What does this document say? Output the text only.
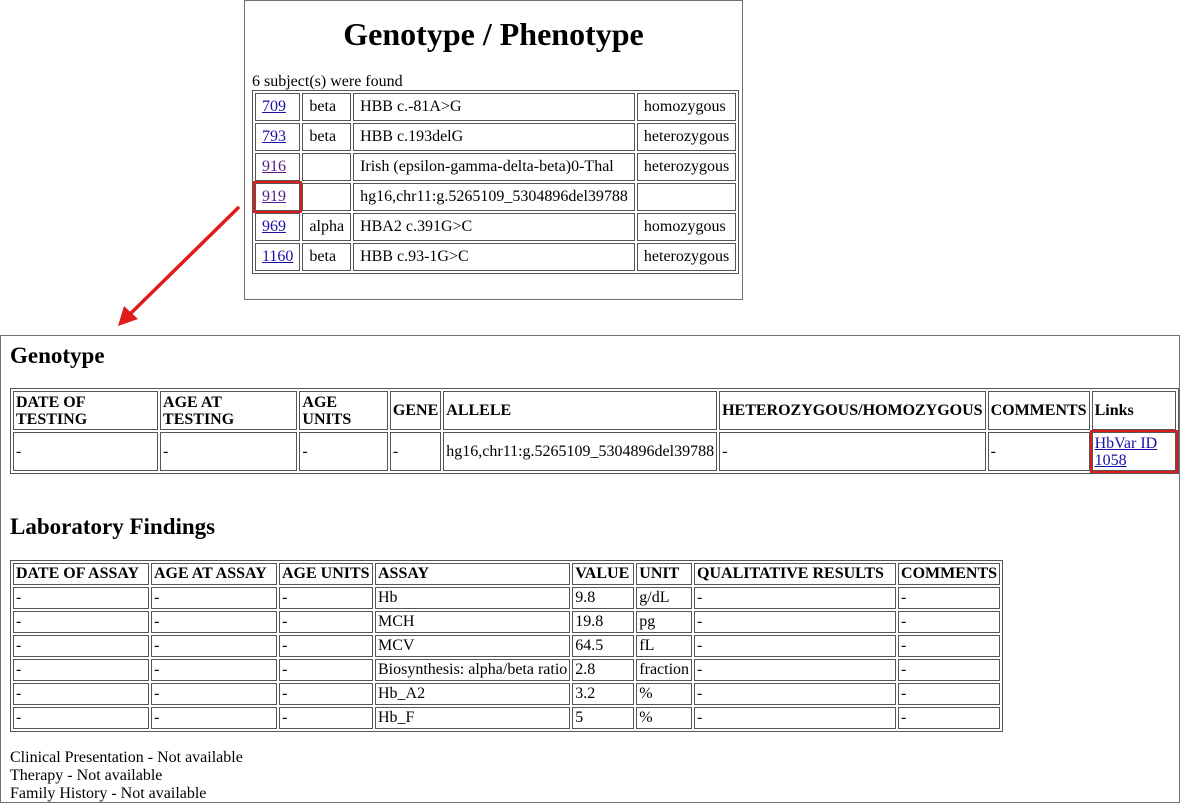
Genotype / Phenotype
6 subject(s) were found
709	beta	HBB c.-81A>G	homozygous
793	beta	HBB c.193delG	heterozygous
916		Irish (epsilon-gamma-delta-beta)0-Thal	heterozygous
919		hg16,chr11:g.5265109_5304896del39788	
969	alpha	HBA2 c.391G>C	homozygous
1160	beta	HBB c.93-1G>C	heterozygous
Genotype
DATE OF
TESTING	AGE AT
TESTING	AGE
UNITS	GENE	ALLELE	HETEROZYGOUS/HOMOZYGOUS	COMMENTS	Links
-	-	-	-	hg16,chr11:g.5265109_5304896del39788	-	-	HbVar ID
1058
Laboratory Findings
DATE OF ASSAY	AGE AT ASSAY	AGE UNITS	ASSAY	VALUE	UNIT	QUALITATIVE RESULTS	COMMENTS
-	-	-	Hb	9.8	g/dL	-	-
-	-	-	MCH	19.8	pg	-	-
-	-	-	MCV	64.5	fL	-	-
-	-	-	Biosynthesis: alpha/beta ratio	2.8	fraction	-	-
-	-	-	Hb_A2	3.2	%	-	-
-	-	-	Hb_F	5	%	-	-
Clinical Presentation - Not available
Therapy - Not available
Family History - Not available
